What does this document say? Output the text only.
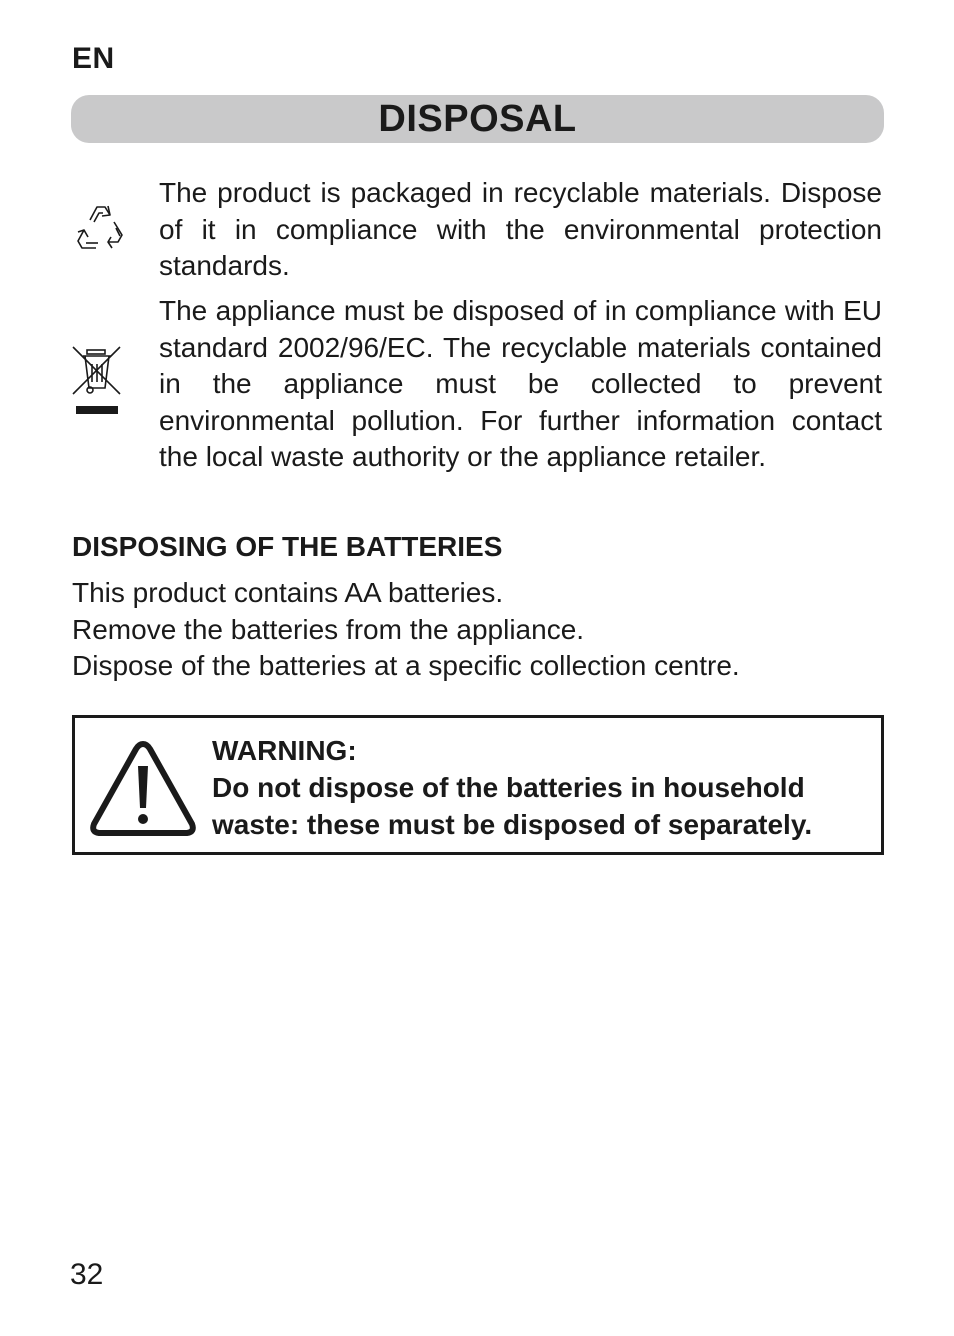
EN
DISPOSAL

The product is packaged in recyclable materials. Dispose of it in compliance with the environmental protection standards.

The appliance must be disposed of in compliance with EU standard 2002/96/EC. The recyclable materials contained in the appliance must be collected to prevent environmental pollution. For further information contact the local waste authority or the appliance retailer.

DISPOSING OF THE BATTERIES
This product contains AA batteries.
Remove the batteries from the appliance.
Dispose of the batteries at a specific collection centre.
WARNING:
Do not dispose of the batteries in household
waste: these must be disposed of separately.
32
